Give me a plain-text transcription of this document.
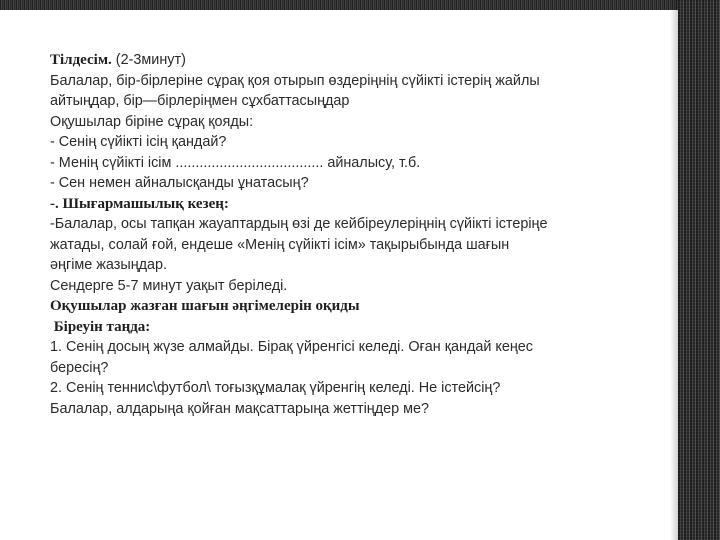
Тілдесім. (2-3минут)
Балалар, бір-бірлеріне сұрақ қоя отырып өздеріңнің сүйікті істерің жайлы
айтыңдар, бір—бірлеріңмен сұхбаттасыңдар
Оқушылар біріне сұрақ қояды:
- Сенің сүйікті ісің қандай?
- Менің сүйікті ісім ..................................... айналысу, т.б.
- Сен немен айналысқанды ұнатасың?
-. Шығармашылық кезең:
-Балалар, осы тапқан жауаптардың өзі де кейбіреулеріңнің сүйікті істеріңе
жатады, солай ғой, ендеше «Менің сүйікті ісім» тақырыбында шағын
әңгіме жазыңдар.
Сендерге 5-7 минут уақыт беріледі.
Оқушылар жазған шағын әңгімелерін оқиды
Біреуін таңда:
1. Сенің досың жүзе алмайды. Бірақ үйренгісі келеді. Оған қандай кеңес
бересің?
2. Сенің теннис\футбол\ тоғызқұмалақ үйренгің келеді. Не істейсің?
Балалар, алдарыңа қойған мақсаттарыңа жеттіңдер ме?
